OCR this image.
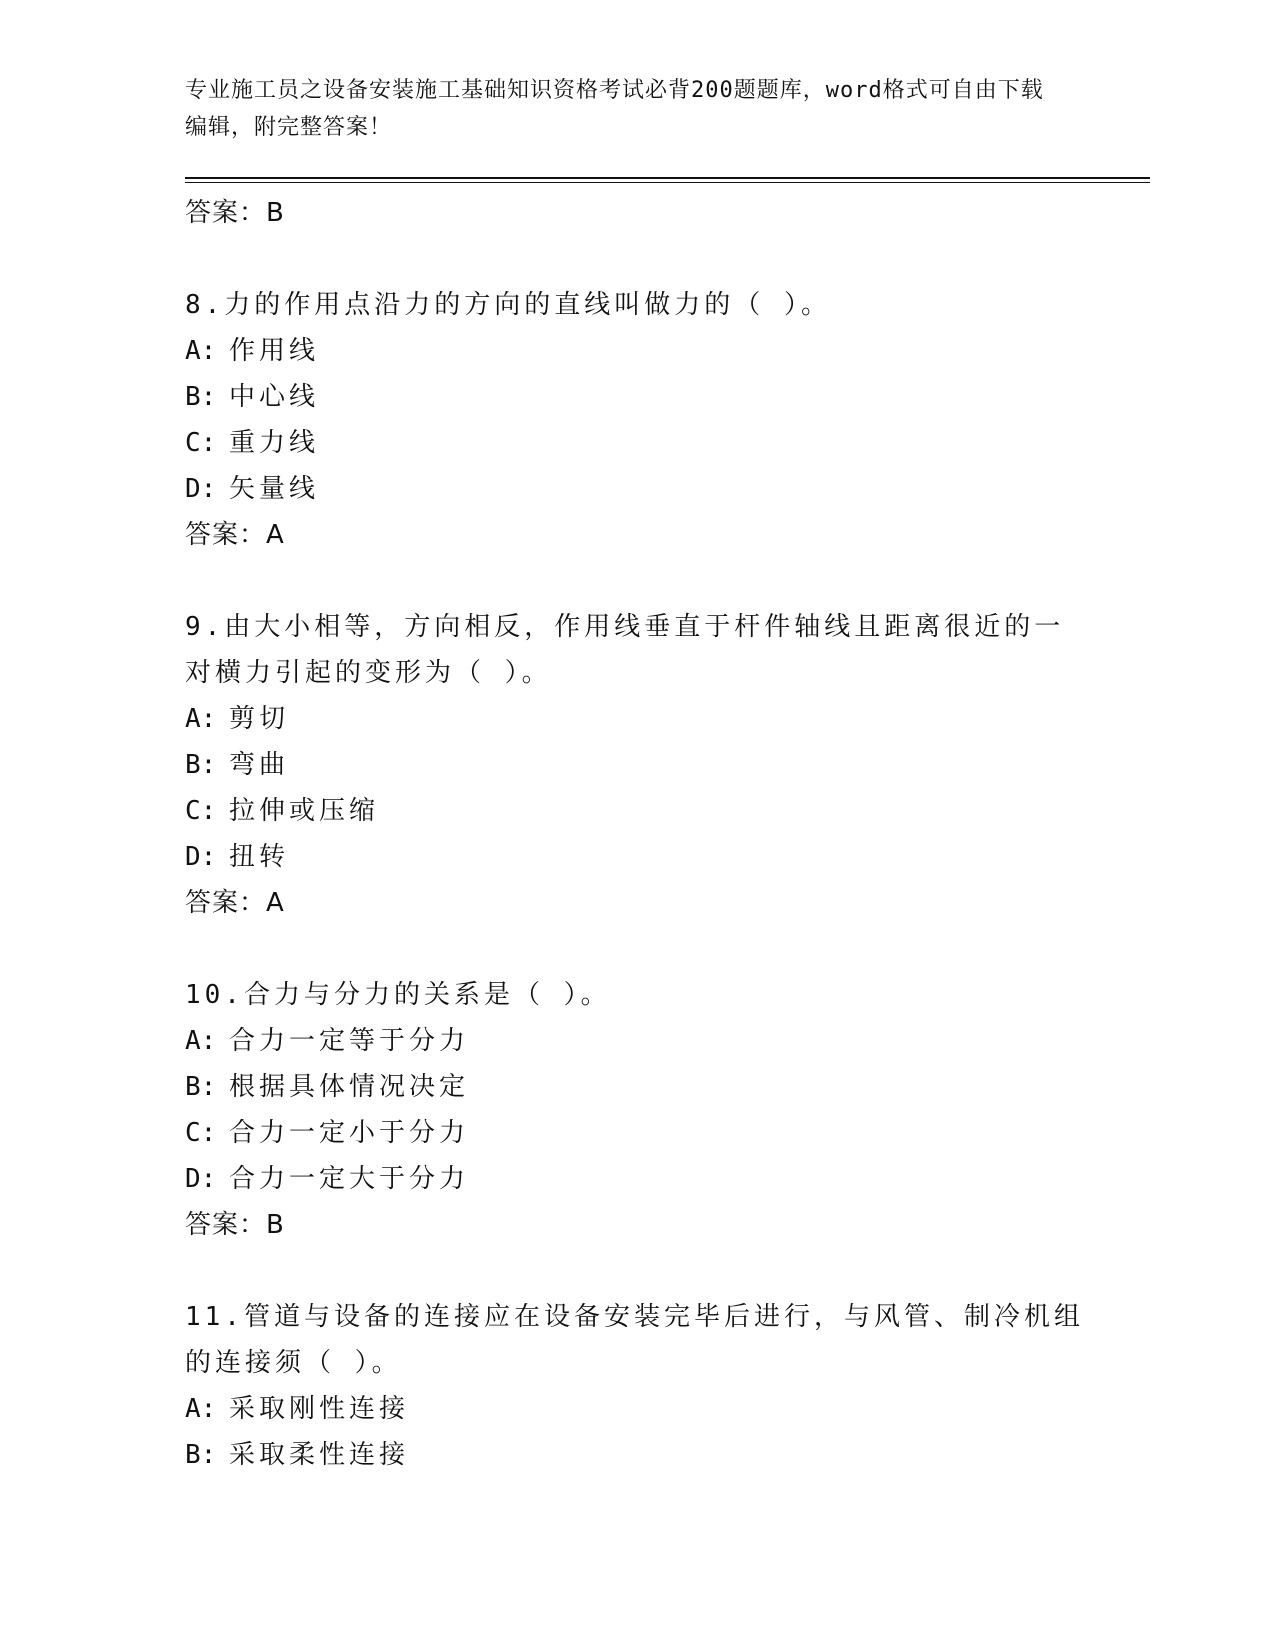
专业施工员之设备安装施工基础知识资格考试必背200题题库，word格式可自由下载编辑，附完整答案！
答案：B

8.力的作用点沿力的方向的直线叫做力的（ ）。

A: 作用线
B: 中心线
C: 重力线
D: 矢量线
答案：A

9.由大小相等，方向相反，作用线垂直于杆件轴线且距离很近的一对横力引起的变形为（ ）。

A: 剪切
B: 弯曲
C: 拉伸或压缩
D: 扭转
答案：A

10.合力与分力的关系是（ ）。

A: 合力一定等于分力
B: 根据具体情况决定
C: 合力一定小于分力
D: 合力一定大于分力
答案：B

11.管道与设备的连接应在设备安装完毕后进行，与风管、制冷机组的连接须（ ）。

A: 采取刚性连接
B: 采取柔性连接
